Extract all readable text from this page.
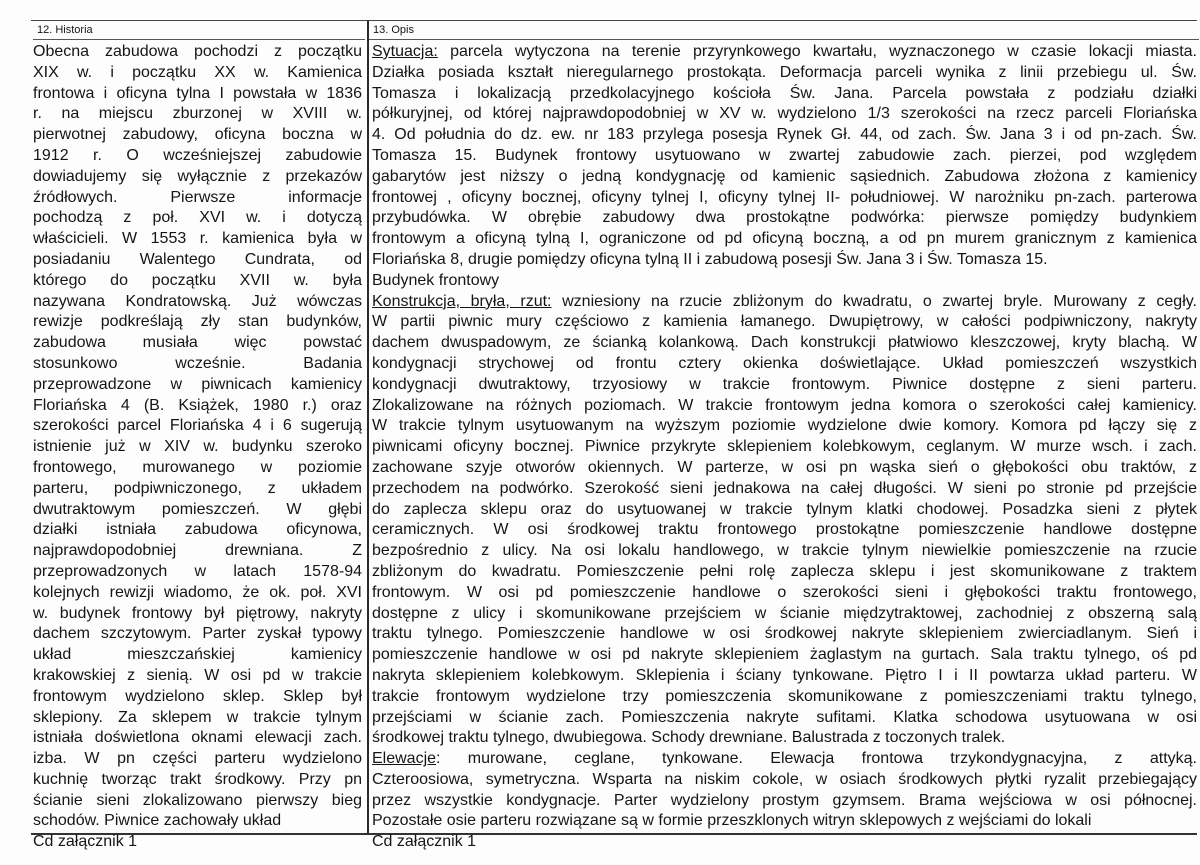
12. Historia
Obecna zabudowa pochodzi z początku
XIX w. i początku XX w. Kamienica
frontowa i oficyna tylna I powstała w 1836
r. na miejscu zburzonej w XVIII w.
pierwotnej zabudowy, oficyna boczna w
1912 r. O wcześniejszej zabudowie
dowiadujemy się wyłącznie z przekazów
źródłowych. Pierwsze informacje
pochodzą z poł. XVI w. i dotyczą
właścicieli. W 1553 r. kamienica była w
posiadaniu Walentego Cundrata, od
którego do początku XVII w. była
nazywana Kondratowską. Już wówczas
rewizje podkreślają zły stan budynków,
zabudowa musiała więc powstać
stosunkowo wcześnie. Badania
przeprowadzone w piwnicach kamienicy
Floriańska 4 (B. Książek, 1980 r.) oraz
szerokości parcel Floriańska 4 i 6 sugerują
istnienie już w XIV w. budynku szeroko
frontowego, murowanego w poziomie
parteru, podpiwniczonego, z układem
dwutraktowym pomieszczeń. W głębi
działki istniała zabudowa oficynowa,
najprawdopodobniej drewniana. Z
przeprowadzonych w latach 1578-94
kolejnych rewizji wiadomo, że ok. poł. XVI
w. budynek frontowy był piętrowy, nakryty
dachem szczytowym. Parter zyskał typowy
układ mieszczańskiej kamienicy
krakowskiej z sienią. W osi pd w trakcie
frontowym wydzielono sklep. Sklep był
sklepiony. Za sklepem w trakcie tylnym
istniała doświetlona oknami elewacji zach.
izba. W pn części parteru wydzielono
kuchnię tworząc trakt środkowy. Przy pn
ścianie sieni zlokalizowano pierwszy bieg
schodów. Piwnice zachowały układ
Cd załącznik 1
13. Opis
Sytuacja: parcela wytyczona na terenie przyrynkowego kwartału, wyznaczonego w czasie lokacji miasta.
Działka posiada kształt nieregularnego prostokąta. Deformacja parceli wynika z linii przebiegu ul. Św.
Tomasza i lokalizacją przedkolacyjnego kościoła Św. Jana. Parcela powstała z podziału działki
półkuryjnej, od której najprawdopodobniej w XV w. wydzielono 1/3 szerokości na rzecz parceli Floriańska
4. Od południa do dz. ew. nr 183 przylega posesja Rynek Gł. 44, od zach. Św. Jana 3 i od pn-zach. Św.
Tomasza 15. Budynek frontowy usytuowano w zwartej zabudowie zach. pierzei, pod względem
gabarytów jest niższy o jedną kondygnację od kamienic sąsiednich. Zabudowa złożona z kamienicy
frontowej , oficyny bocznej, oficyny tylnej I, oficyny tylnej II- południowej. W narożniku pn-zach. parterowa
przybudówka. W obrębie zabudowy dwa prostokątne podwórka: pierwsze pomiędzy budynkiem
frontowym a oficyną tylną I, ograniczone od pd oficyną boczną, a od pn murem granicznym z kamienica
Floriańska 8, drugie pomiędzy oficyna tylną II i zabudową posesji Św. Jana 3 i Św. Tomasza 15.
Budynek frontowy
Konstrukcja, bryła, rzut: wzniesiony na rzucie zbliżonym do kwadratu, o zwartej bryle. Murowany z cegły.
W partii piwnic mury częściowo z kamienia łamanego. Dwupiętrowy, w całości podpiwniczony, nakryty
dachem dwuspadowym, ze ścianką kolankową. Dach konstrukcji płatwiowo kleszczowej, kryty blachą. W
kondygnacji strychowej od frontu cztery okienka doświetlające. Układ pomieszczeń wszystkich
kondygnacji dwutraktowy, trzyosiowy w trakcie frontowym. Piwnice dostępne z sieni parteru.
Zlokalizowane na różnych poziomach. W trakcie frontowym jedna komora o szerokości całej kamienicy.
W trakcie tylnym usytuowanym na wyższym poziomie wydzielone dwie komory. Komora pd łączy się z
piwnicami oficyny bocznej. Piwnice przykryte sklepieniem kolebkowym, ceglanym. W murze wsch. i zach.
zachowane szyje otworów okiennych. W parterze, w osi pn wąska sień o głębokości obu traktów, z
przechodem na podwórko. Szerokość sieni jednakowa na całej długości. W sieni po stronie pd przejście
do zaplecza sklepu oraz do usytuowanej w trakcie tylnym klatki chodowej. Posadzka sieni z płytek
ceramicznych. W osi środkowej traktu frontowego prostokątne pomieszczenie handlowe dostępne
bezpośrednio z ulicy. Na osi lokalu handlowego, w trakcie tylnym niewielkie pomieszczenie na rzucie
zbliżonym do kwadratu. Pomieszczenie pełni rolę zaplecza sklepu i jest skomunikowane z traktem
frontowym. W osi pd pomieszczenie handlowe o szerokości sieni i głębokości traktu frontowego,
dostępne z ulicy i skomunikowane przejściem w ścianie międzytraktowej, zachodniej z obszerną salą
traktu tylnego. Pomieszczenie handlowe w osi środkowej nakryte sklepieniem zwierciadlanym. Sień i
pomieszczenie handlowe w osi pd nakryte sklepieniem żaglastym na gurtach. Sala traktu tylnego, oś pd
nakryta sklepieniem kolebkowym. Sklepienia i ściany tynkowane. Piętro I i II powtarza układ parteru. W
trakcie frontowym wydzielone trzy pomieszczenia skomunikowane z pomieszczeniami traktu tylnego,
przejściami w ścianie zach. Pomieszczenia nakryte sufitami. Klatka schodowa usytuowana w osi
środkowej traktu tylnego, dwubiegowa. Schody drewniane. Balustrada z toczonych tralek.
Elewacje: murowane, ceglane, tynkowane. Elewacja frontowa trzykondygnacyjna, z attyką.
Czteroosiowa, symetryczna. Wsparta na niskim cokole, w osiach środkowych płytki ryzalit przebiegający
przez wszystkie kondygnacje. Parter wydzielony prostym gzymsem. Brama wejściowa w osi północnej.
Pozostałe osie parteru rozwiązane są w formie przeszklonych witryn sklepowych z wejściami do lokali
Cd załącznik 1
